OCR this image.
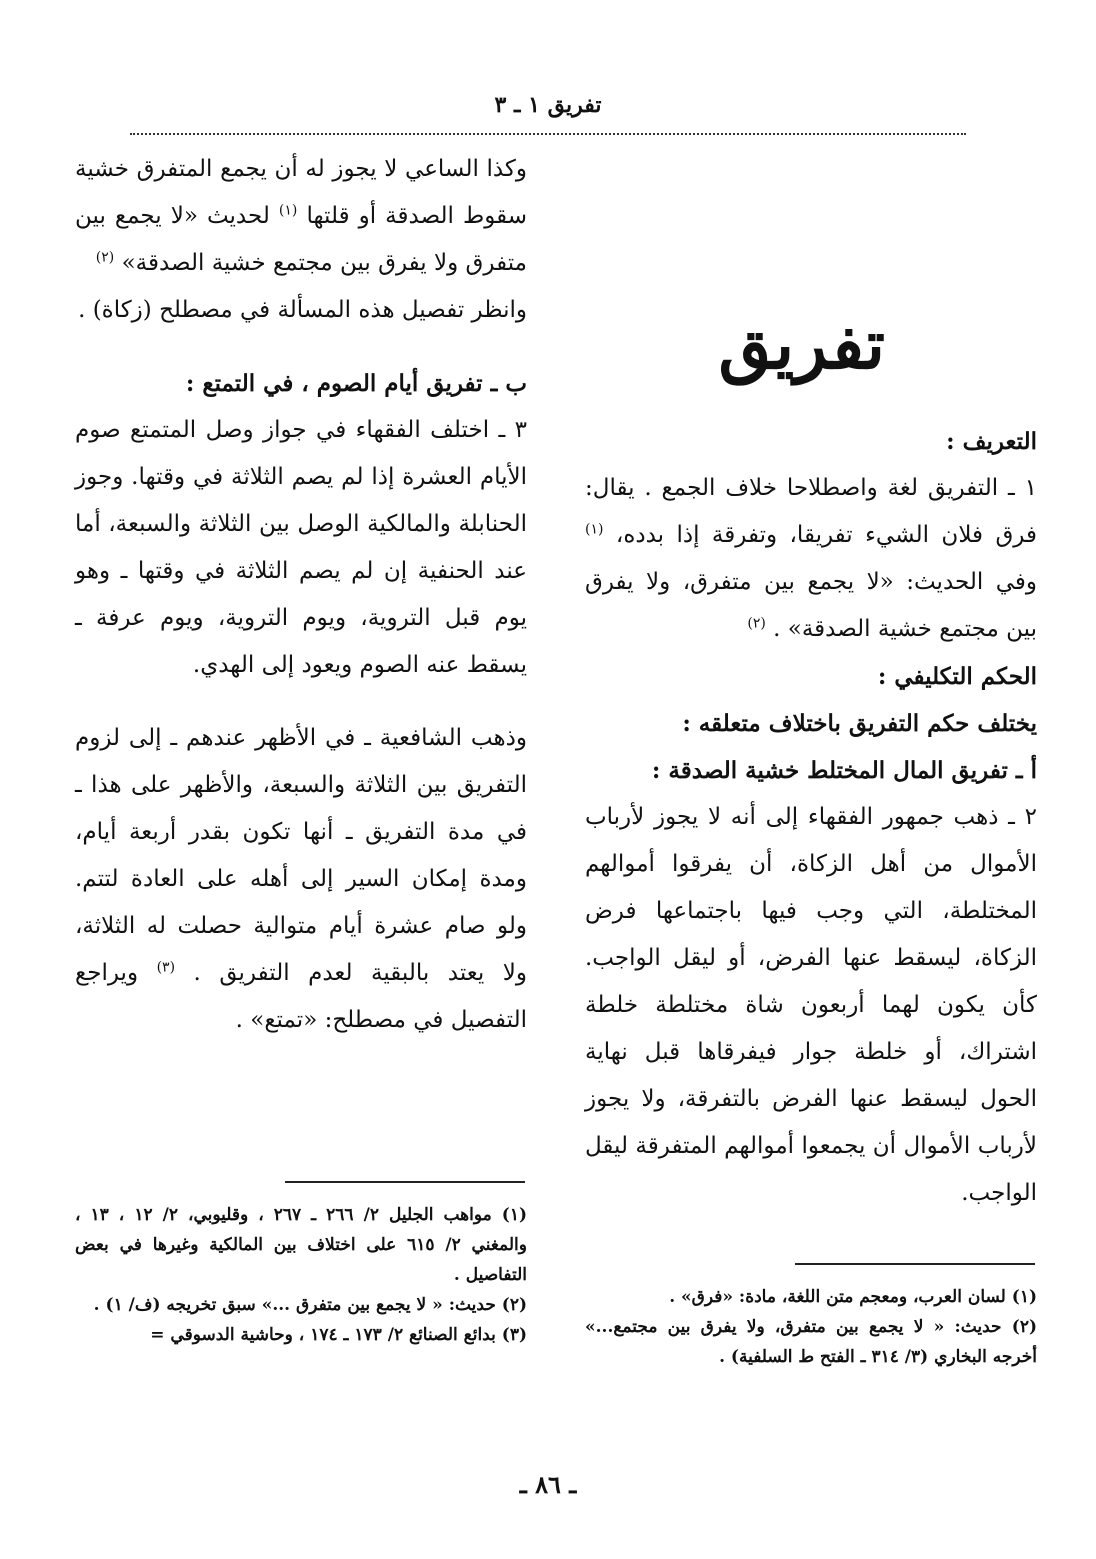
تفريق ١ ـ ٣
تفريق

التعريف :

١ ـ التفريق لغة واصطلاحا خلاف الجمع . يقال: فرق فلان الشيء تفريقا، وتفرقة إذا بدده، $^{(١)}$ وفي الحديث: «لا يجمع بين متفرق، ولا يفرق بين مجتمع خشية الصدقة» . $^{(٢)}$

الحكم التكليفي :

يختلف حكم التفريق باختلاف متعلقه :

أ ـ تفريق المال المختلط خشية الصدقة :

٢ ـ ذهب جمهور الفقهاء إلى أنه لا يجوز لأرباب الأموال من أهل الزكاة، أن يفرقوا أموالهم المختلطة، التي وجب فيها باجتماعها فرض الزكاة، ليسقط عنها الفرض، أو ليقل الواجب. كأن يكون لهما أربعون شاة مختلطة خلطة اشتراك، أو خلطة جوار فيفرقاها قبل نهاية الحول ليسقط عنها الفرض بالتفرقة، ولا يجوز لأرباب الأموال أن يجمعوا أموالهم المتفرقة ليقل الواجب.

وكذا الساعي لا يجوز له أن يجمع المتفرق خشية سقوط الصدقة أو قلتها $^{(١)}$ لحديث «لا يجمع بين متفرق ولا يفرق بين مجتمع خشية الصدقة» $^{(٢)}$

وانظر تفصيل هذه المسألة في مصطلح (زكاة) .

ب ـ تفريق أيام الصوم ، في التمتع :

٣ ـ اختلف الفقهاء في جواز وصل المتمتع صوم الأيام العشرة إذا لم يصم الثلاثة في وقتها. وجوز الحنابلة والمالكية الوصل بين الثلاثة والسبعة، أما عند الحنفية إن لم يصم الثلاثة في وقتها ـ وهو يوم قبل التروية، ويوم التروية، ويوم عرفة ـ يسقط عنه الصوم ويعود إلى الهدي.

وذهب الشافعية ـ في الأظهر عندهم ـ إلى لزوم التفريق بين الثلاثة والسبعة، والأظهر على هذا ـ في مدة التفريق ـ أنها تكون بقدر أربعة أيام، ومدة إمكان السير إلى أهله على العادة لتتم. ولو صام عشرة أيام متوالية حصلت له الثلاثة، ولا يعتد بالبقية لعدم التفريق . $^{(٣)}$ ويراجع التفصيل في مصطلح: «تمتع» .

(١) لسان العرب، ومعجم متن اللغة، مادة: «فرق» .

(٢) حديث: « لا يجمع بين متفرق، ولا يفرق بين مجتمع...» أخرجه البخاري (٣/ ٣١٤ ـ الفتح ط السلفية) .

(١) مواهب الجليل ٢/ ٢٦٦ ـ ٢٦٧ ، وقليوبي، ٢/ ١٢ ، ١٣ ، والمغني ٢/ ٦١٥ على اختلاف بين المالكية وغيرها في بعض التفاصيل .

(٢) حديث: « لا يجمع بين متفرق ...» سبق تخريجه (ف/ ١) .

(٣) بدائع الصنائع ٢/ ١٧٣ ـ ١٧٤ ، وحاشية الدسوقي =

ـ ٨٦ ـ
